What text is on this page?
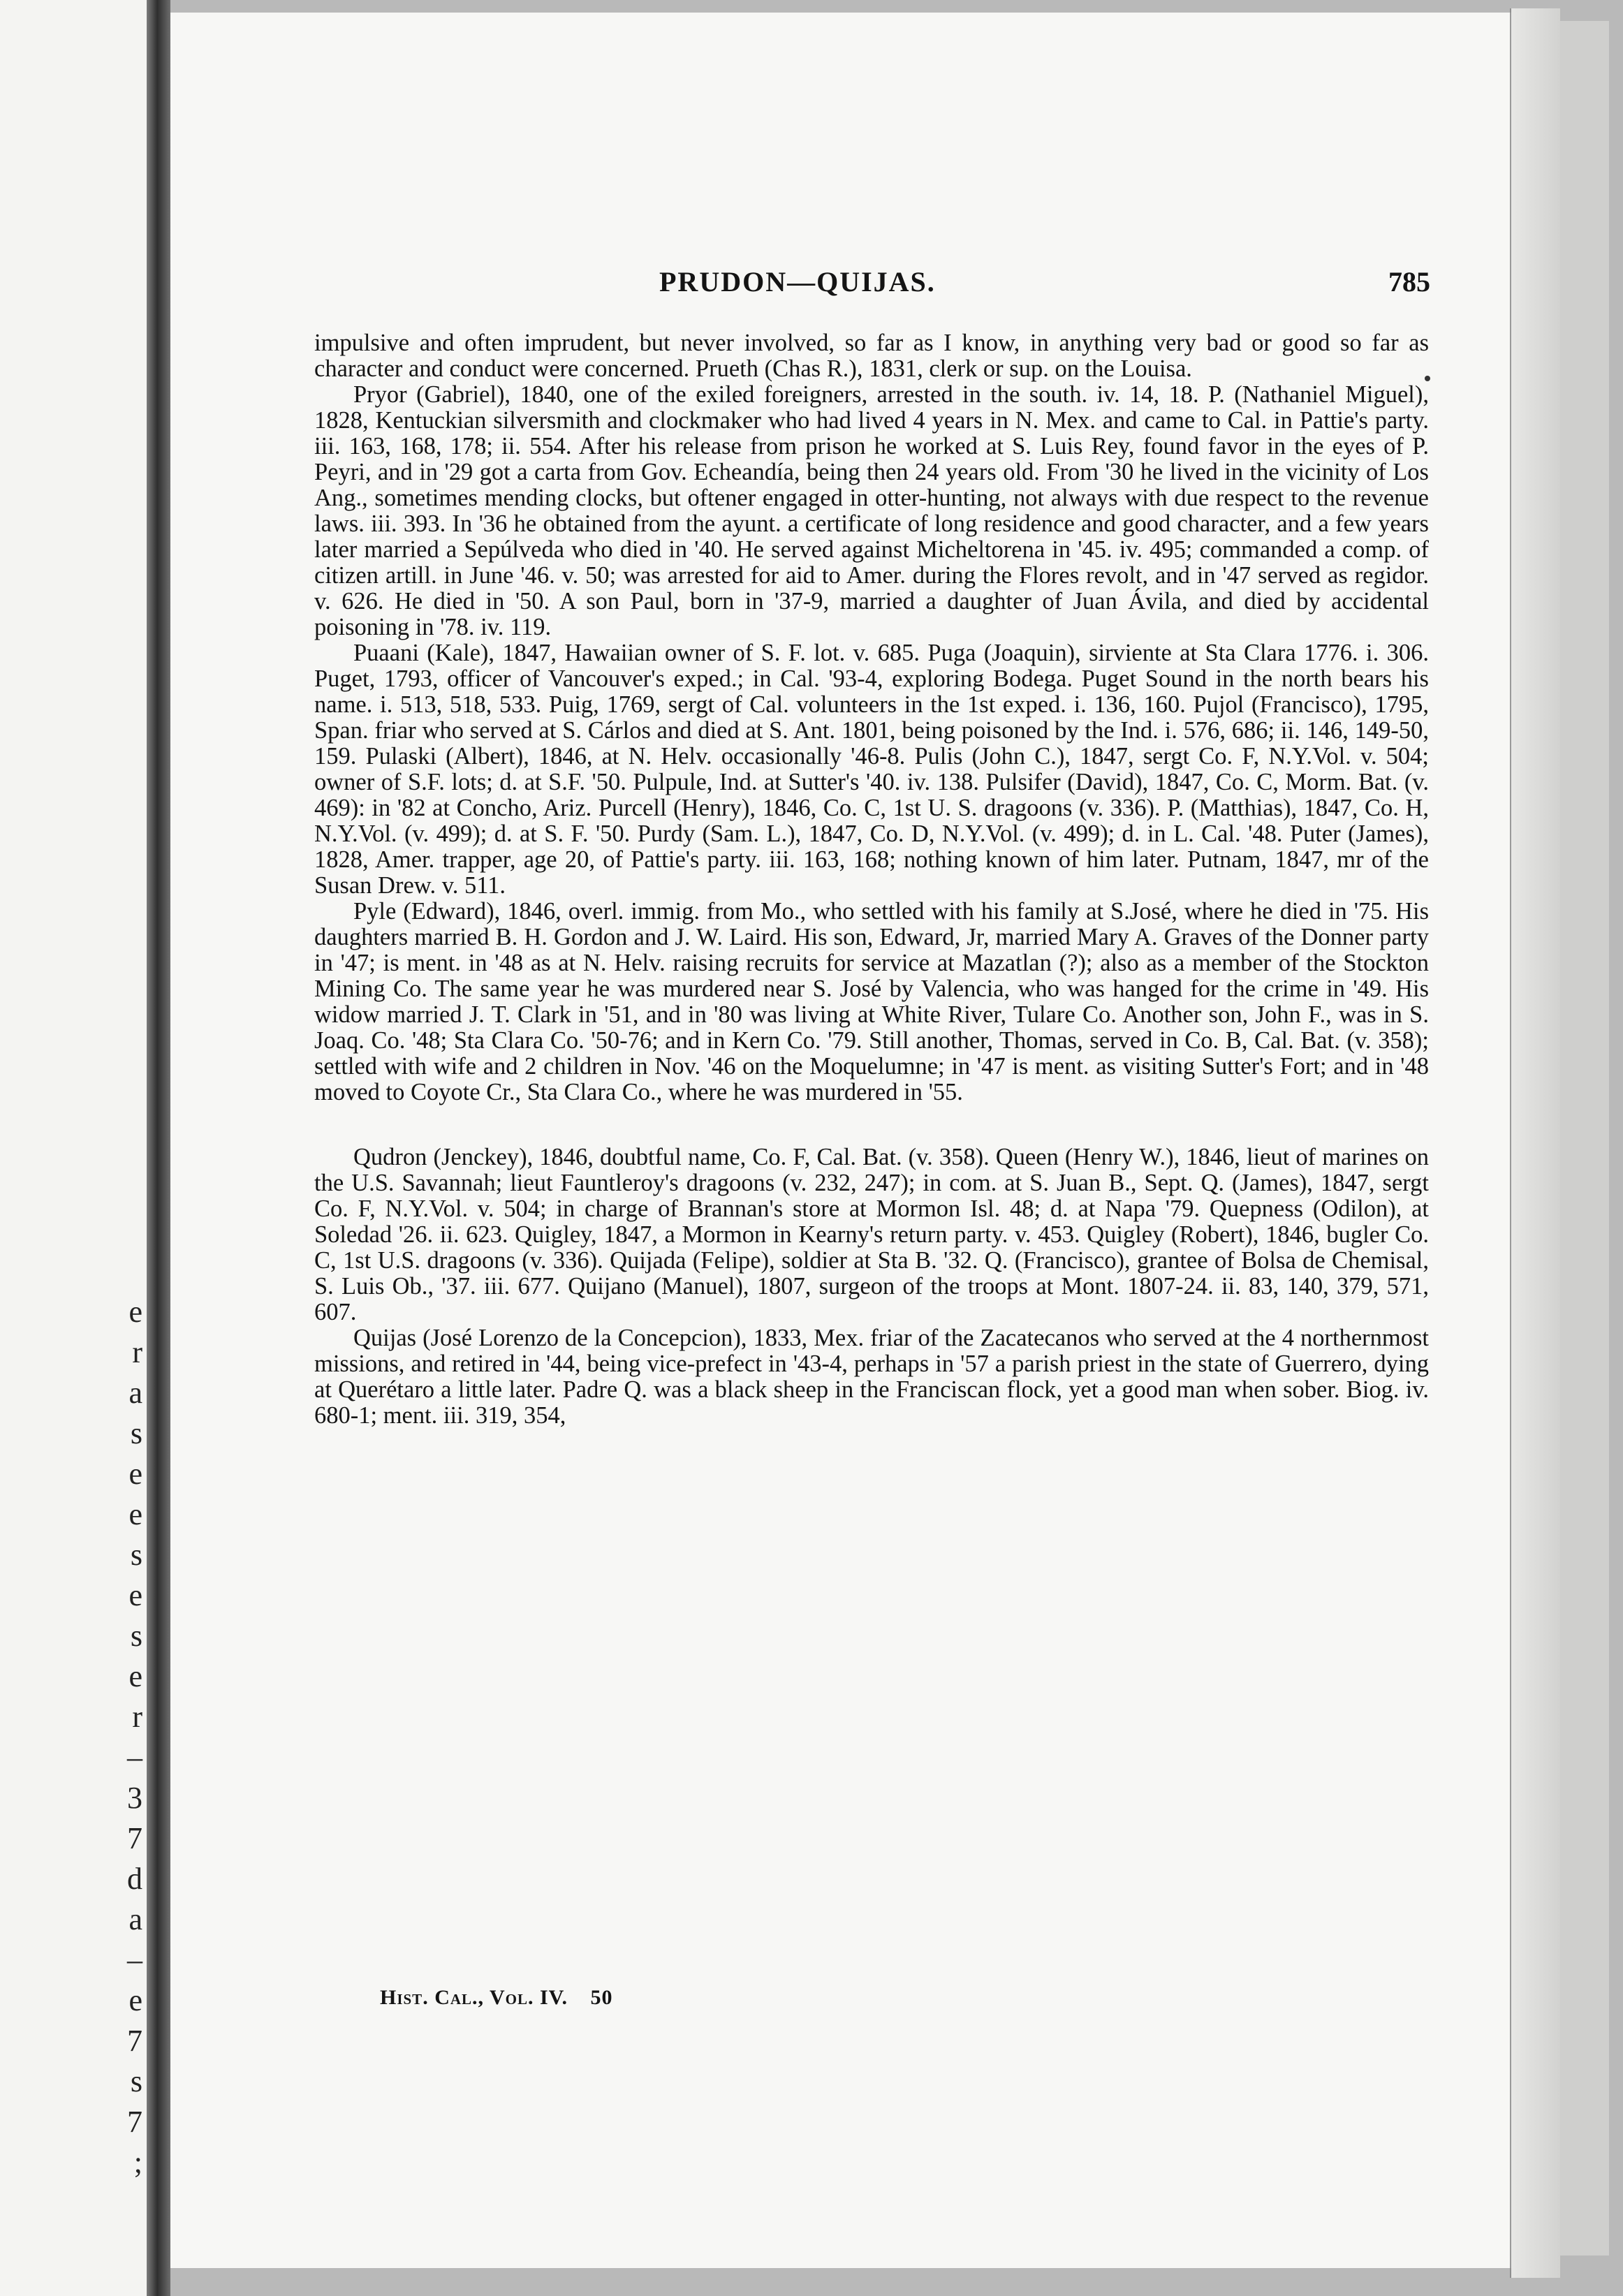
e
r
a
s
e
e
s
e
s
e
r
–
3
7
d
a
–
e
7
s
7
;
PRUDON—QUIJAS.	785

impulsive and often imprudent, but never involved, so far as I know, in anything very bad or good so far as character and conduct were concerned. Prueth (Chas R.), 1831, clerk or sup. on the Louisa.

Pryor (Gabriel), 1840, one of the exiled foreigners, arrested in the south. iv. 14, 18. P. (Nathaniel Miguel), 1828, Kentuckian silversmith and clockmaker who had lived 4 years in N. Mex. and came to Cal. in Pattie's party. iii. 163, 168, 178; ii. 554. After his release from prison he worked at S. Luis Rey, found favor in the eyes of P. Peyri, and in '29 got a carta from Gov. Echeandía, being then 24 years old. From '30 he lived in the vicinity of Los Ang., sometimes mending clocks, but oftener engaged in otter-hunting, not always with due respect to the revenue laws. iii. 393. In '36 he obtained from the ayunt. a certificate of long residence and good character, and a few years later married a Sepúlveda who died in '40. He served against Micheltorena in '45. iv. 495; commanded a comp. of citizen artill. in June '46. v. 50; was arrested for aid to Amer. during the Flores revolt, and in '47 served as regidor. v. 626. He died in '50. A son Paul, born in '37-9, married a daughter of Juan Ávila, and died by accidental poisoning in '78. iv. 119.

Puaani (Kale), 1847, Hawaiian owner of S. F. lot. v. 685. Puga (Joaquin), sirviente at Sta Clara 1776. i. 306. Puget, 1793, officer of Vancouver's exped.; in Cal. '93-4, exploring Bodega. Puget Sound in the north bears his name. i. 513, 518, 533. Puig, 1769, sergt of Cal. volunteers in the 1st exped. i. 136, 160. Pujol (Francisco), 1795, Span. friar who served at S. Cárlos and died at S. Ant. 1801, being poisoned by the Ind. i. 576, 686; ii. 146, 149-50, 159. Pulaski (Albert), 1846, at N. Helv. occasionally '46-8. Pulis (John C.), 1847, sergt Co. F, N.Y.Vol. v. 504; owner of S.F. lots; d. at S.F. '50. Pulpule, Ind. at Sutter's '40. iv. 138. Pulsifer (David), 1847, Co. C, Morm. Bat. (v. 469): in '82 at Concho, Ariz. Purcell (Henry), 1846, Co. C, 1st U. S. dragoons (v. 336). P. (Matthias), 1847, Co. H, N.Y.Vol. (v. 499); d. at S. F. '50. Purdy (Sam. L.), 1847, Co. D, N.Y.Vol. (v. 499); d. in L. Cal. '48. Puter (James), 1828, Amer. trapper, age 20, of Pattie's party. iii. 163, 168; nothing known of him later. Putnam, 1847, mr of the Susan Drew. v. 511.

Pyle (Edward), 1846, overl. immig. from Mo., who settled with his family at S.José, where he died in '75. His daughters married B. H. Gordon and J. W. Laird. His son, Edward, Jr, married Mary A. Graves of the Donner party in '47; is ment. in '48 as at N. Helv. raising recruits for service at Mazatlan (?); also as a member of the Stockton Mining Co. The same year he was murdered near S. José by Valencia, who was hanged for the crime in '49. His widow married J. T. Clark in '51, and in '80 was living at White River, Tulare Co. Another son, John F., was in S. Joaq. Co. '48; Sta Clara Co. '50-76; and in Kern Co. '79. Still another, Thomas, served in Co. B, Cal. Bat. (v. 358); settled with wife and 2 children in Nov. '46 on the Moquelumne; in '47 is ment. as visiting Sutter's Fort; and in '48 moved to Coyote Cr., Sta Clara Co., where he was murdered in '55.

Qudron (Jenckey), 1846, doubtful name, Co. F, Cal. Bat. (v. 358). Queen (Henry W.), 1846, lieut of marines on the U.S. Savannah; lieut Fauntleroy's dragoons (v. 232, 247); in com. at S. Juan B., Sept. Q. (James), 1847, sergt Co. F, N.Y.Vol. v. 504; in charge of Brannan's store at Mormon Isl. 48; d. at Napa '79. Quepness (Odilon), at Soledad '26. ii. 623. Quigley, 1847, a Mormon in Kearny's return party. v. 453. Quigley (Robert), 1846, bugler Co. C, 1st U.S. dragoons (v. 336). Quijada (Felipe), soldier at Sta B. '32. Q. (Francisco), grantee of Bolsa de Chemisal, S. Luis Ob., '37. iii. 677. Quijano (Manuel), 1807, surgeon of the troops at Mont. 1807-24. ii. 83, 140, 379, 571, 607.

Quijas (José Lorenzo de la Concepcion), 1833, Mex. friar of the Zacatecanos who served at the 4 northernmost missions, and retired in '44, being vice-prefect in '43-4, perhaps in '57 a parish priest in the state of Guerrero, dying at Querétaro a little later. Padre Q. was a black sheep in the Franciscan flock, yet a good man when sober. Biog. iv. 680-1; ment. iii. 319, 354,

Hist. Cal., Vol. IV. 50
